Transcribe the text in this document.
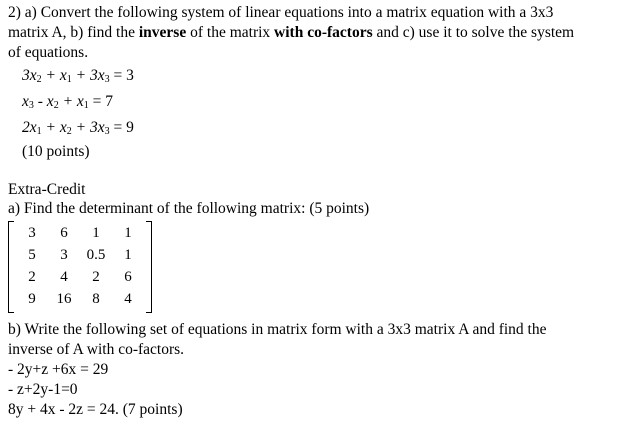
2) a) Convert the following system of linear equations into a matrix equation with a 3x3
matrix A, b) find the inverse of the matrix with co-factors and c) use it to solve the system
of equations.
$3x_2 + x_1 + 3x_3 = 3$
$x_3 - x_2 + x_1 = 7$
$2x_1 + x_2 + 3x_3 = 9$
(10 points)
Extra-Credit
a) Find the determinant of the following matrix: (5 points)
3	6	1	1
5	3	0.5	1
2	4	2	6
9	16	8	4
b) Write the following set of equations in matrix form with a 3x3 matrix A and find the
inverse of A with co-factors.
- 2y+z +6x = 29
- z+2y-1=0
8y + 4x - 2z = 24. (7 points)
